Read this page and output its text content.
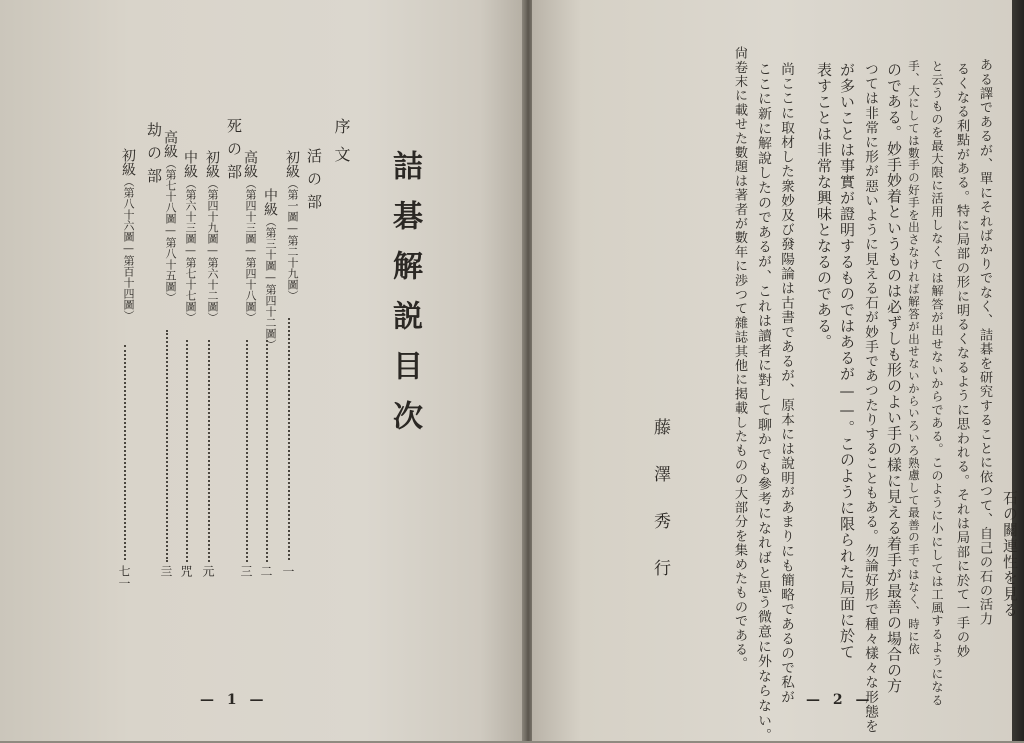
詰碁解説目次
序文
活の部
初級（第一圖—第二十九圖）
一
中級（第三十圖—第四十二圖）
二
高級（第四十三圖—第四十八圖）
三
死の部
初級（第四十九圖—第六十二圖）
元
中級（第六十三圖—第七十七圖）
咒
高級（第七十八圖—第八十五圖）
亖
劫の部
初級（第八十六圖—第百十四圖）
七一
— 1 —
石の關連性を見る
ある譯であるが、單にそればかりでなく、詰碁を研究することに依つて、自己の石の活力
るくなる利點がある。特に局部の形に明るくなるように思われる。それは局部に於て一手の妙
と云うものを最大限に活用しなくては解答が出せないからである。このように小にしては工風するようになる
手、大にしては數手の好手を出さなければ解答が出せないからいろいろ熟慮して最善の手ではなく、時に依
のである。妙手妙着というものは必ずしも形のよい手の樣に見える着手が最善の場合の方
つては非常に形が惡いように見える石が妙手であつたりすることもある。勿論好形で種々樣々な形態を
が多いことは事實が證明するものではあるが——。このように限られた局面に於て
表すことは非常な興味となるのである。
尚ここに取材した衆妙及び發陽論は古書であるが、原本には說明があまりにも簡略であるので私が
ここに新に解說したのであるが、これは讀者に對して聊かでも參考になればと思う微意に外ならない。
尙卷末に載せた數題は著者が數年に渉つて雜誌其他に掲載したものの大部分を集めたものである。
藤澤秀行
— 2 —
